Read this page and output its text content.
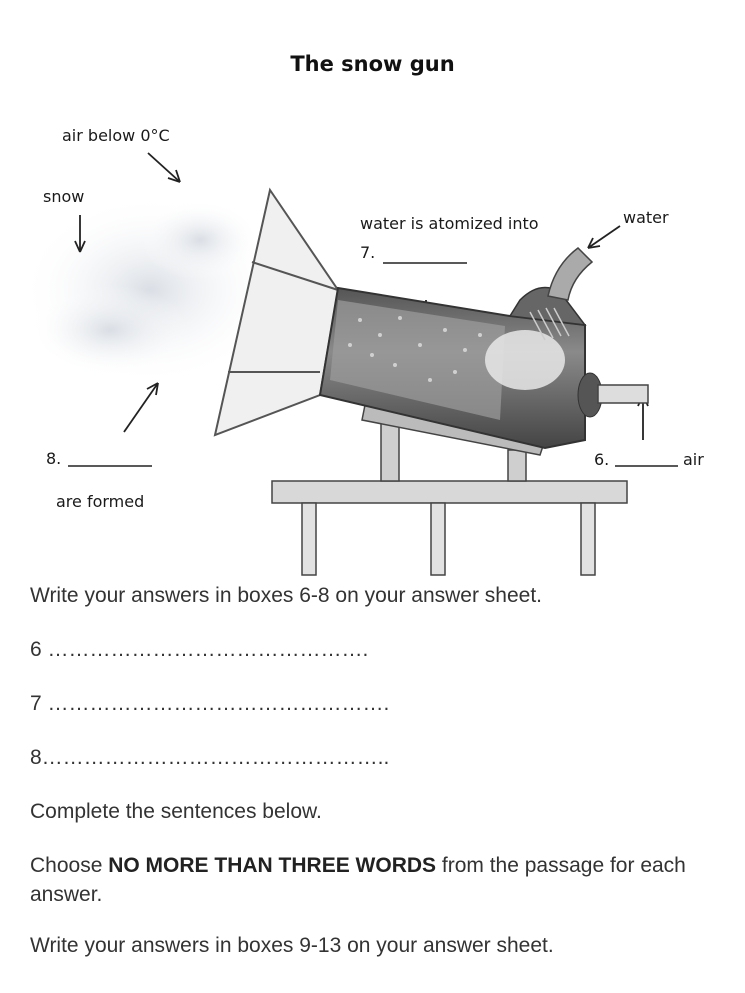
The snow gun
air below 0°C
snow
water is atomized into
7.
water
8.
are formed
6.	air
Write your answers in boxes 6-8 on your answer sheet.
6 ……………………………………….
7 ………………………………………….
8…………………………………………..
Complete the sentences below.
Choose NO MORE THAN THREE WORDS from the passage for each answer.
Write your answers in boxes 9-13 on your answer sheet.
